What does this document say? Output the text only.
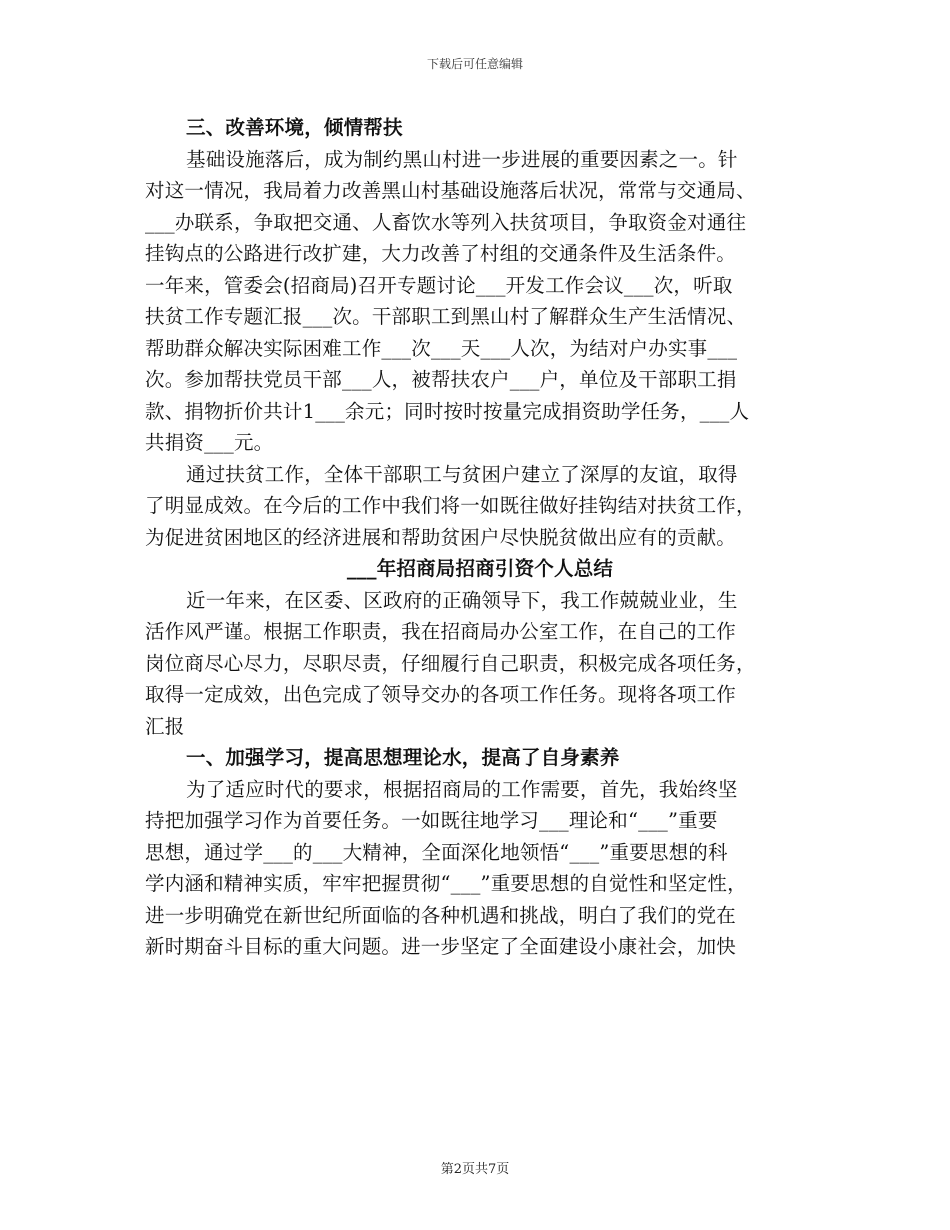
下载后可任意编辑
三、改善环境，倾情帮扶
基础设施落后，成为制约黑山村进一步进展的重要因素之一。针
对这一情况，我局着力改善黑山村基础设施落后状况，常常与交通局、
___办联系，争取把交通、人畜饮水等列入扶贫项目，争取资金对通往
挂钩点的公路进行改扩建，大力改善了村组的交通条件及生活条件。
一年来，管委会(招商局)召开专题讨论___开发工作会议___次，听取
扶贫工作专题汇报___次。干部职工到黑山村了解群众生产生活情况、
帮助群众解决实际困难工作___次___天___人次，为结对户办实事___
次。参加帮扶党员干部___人，被帮扶农户___户，单位及干部职工捐
款、捐物折价共计1___余元；同时按时按量完成捐资助学任务，___人
共捐资___元。
通过扶贫工作，全体干部职工与贫困户建立了深厚的友谊，取得
了明显成效。在今后的工作中我们将一如既往做好挂钩结对扶贫工作，
为促进贫困地区的经济进展和帮助贫困户尽快脱贫做出应有的贡献。
___年招商局招商引资个人总结
近一年来，在区委、区政府的正确领导下，我工作兢兢业业，生
活作风严谨。根据工作职责，我在招商局办公室工作，在自己的工作
岗位商尽心尽力，尽职尽责，仔细履行自己职责，积极完成各项任务，
取得一定成效，出色完成了领导交办的各项工作任务。现将各项工作
汇报
一、加强学习，提高思想理论水，提高了自身素养
为了适应时代的要求，根据招商局的工作需要，首先，我始终坚
持把加强学习作为首要任务。一如既往地学习___理论和“___”重要
思想，通过学___的___大精神，全面深化地领悟“___”重要思想的科
学内涵和精神实质，牢牢把握贯彻“___”重要思想的自觉性和坚定性，
进一步明确党在新世纪所面临的各种机遇和挑战，明白了我们的党在
新时期奋斗目标的重大问题。进一步坚定了全面建设小康社会，加快
第2页共7页
